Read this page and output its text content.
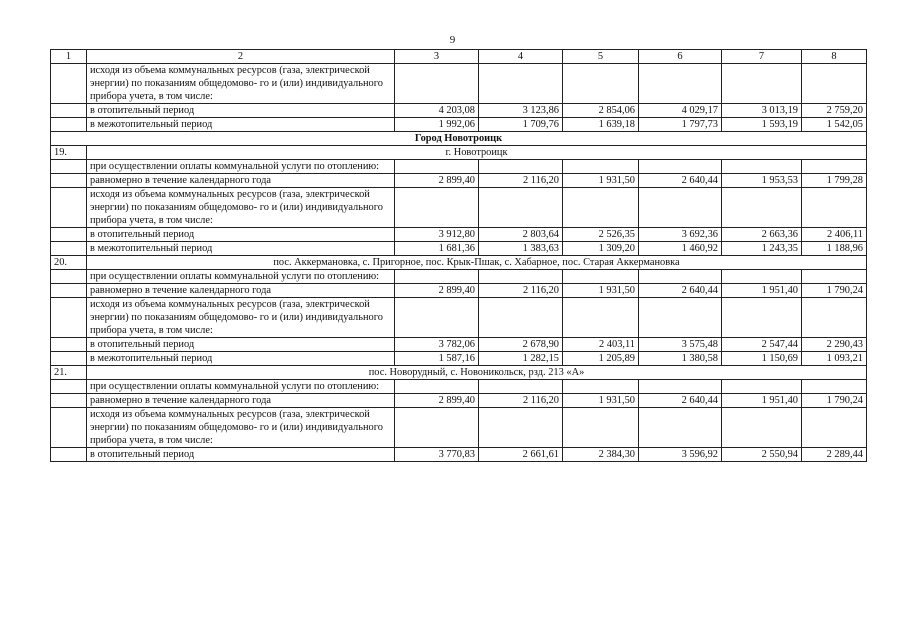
9
1	2	3	4	5	6	7	8
	исходя из объема коммунальных ресурсов (газа, электрической энергии) по показаниям общедомово- го и (или) индивидуального прибора учета, в том числе:						
	в отопительный период	4 203,08	3 123,86	2 854,06	4 029,17	3 013,19	2 759,20
	в межотопительный период	1 992,06	1 709,76	1 639,18	1 797,73	1 593,19	1 542,05
Город Новотроицк							
19.	г. Новотроицк						
	при осуществлении оплаты коммунальной услуги по отоплению:						
	равномерно в течение календарного года	2 899,40	2 116,20	1 931,50	2 640,44	1 953,53	1 799,28
	исходя из объема коммунальных ресурсов (газа, электрической энергии) по показаниям общедомово- го и (или) индивидуального прибора учета, в том числе:						
	в отопительный период	3 912,80	2 803,64	2 526,35	3 692,36	2 663,36	2 406,11
	в межотопительный период	1 681,36	1 383,63	1 309,20	1 460,92	1 243,35	1 188,96
20.	пос. Аккермановка, с. Пригорное, пос. Крык-Пшак, с. Хабарное, пос. Старая Аккермановка						
	при осуществлении оплаты коммунальной услуги по отоплению:						
	равномерно в течение календарного года	2 899,40	2 116,20	1 931,50	2 640,44	1 951,40	1 790,24
	исходя из объема коммунальных ресурсов (газа, электрической энергии) по показаниям общедомово- го и (или) индивидуального прибора учета, в том числе:						
	в отопительный период	3 782,06	2 678,90	2 403,11	3 575,48	2 547,44	2 290,43
	в межотопительный период	1 587,16	1 282,15	1 205,89	1 380,58	1 150,69	1 093,21
21.	пос. Новорудный, с. Новоникольск, рзд. 213 «А»						
	при осуществлении оплаты коммунальной услуги по отоплению:						
	равномерно в течение календарного года	2 899,40	2 116,20	1 931,50	2 640,44	1 951,40	1 790,24
	исходя из объема коммунальных ресурсов (газа, электрической энергии) по показаниям общедомово- го и (или) индивидуального прибора учета, в том числе:						
	в отопительный период	3 770,83	2 661,61	2 384,30	3 596,92	2 550,94	2 289,44
